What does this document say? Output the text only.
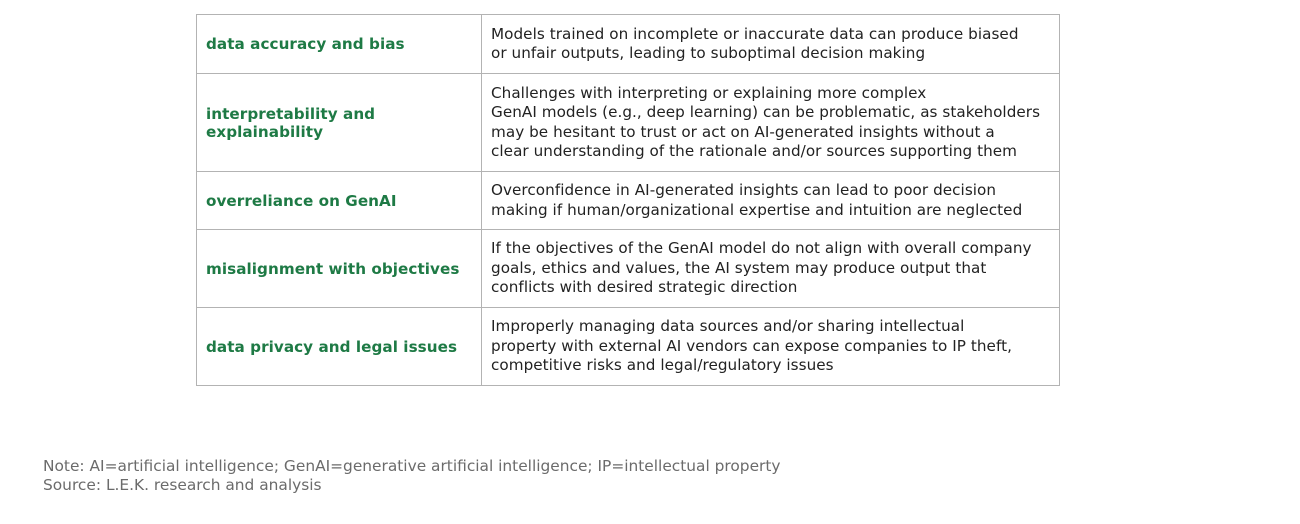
data accuracy and bias	Models trained on incomplete or inaccurate data can produce biased
or unfair outputs, leading to suboptimal decision making

interpretability and explainability	Challenges with interpreting or explaining more complex
GenAI models (e.g., deep learning) can be problematic, as stakeholders
may be hesitant to trust or act on AI-generated insights without a
clear understanding of the rationale and/or sources supporting them

overreliance on GenAI	Overconfidence in AI-generated insights can lead to poor decision
making if human/organizational expertise and intuition are neglected

misalignment with objectives	If the objectives of the GenAI model do not align with overall company
goals, ethics and values, the AI system may produce output that
conflicts with desired strategic direction

data privacy and legal issues	Improperly managing data sources and/or sharing intellectual
property with external AI vendors can expose companies to IP theft,
competitive risks and legal/regulatory issues
Note: AI=artificial intelligence; GenAI=generative artificial intelligence; IP=intellectual property
Source: L.E.K. research and analysis
